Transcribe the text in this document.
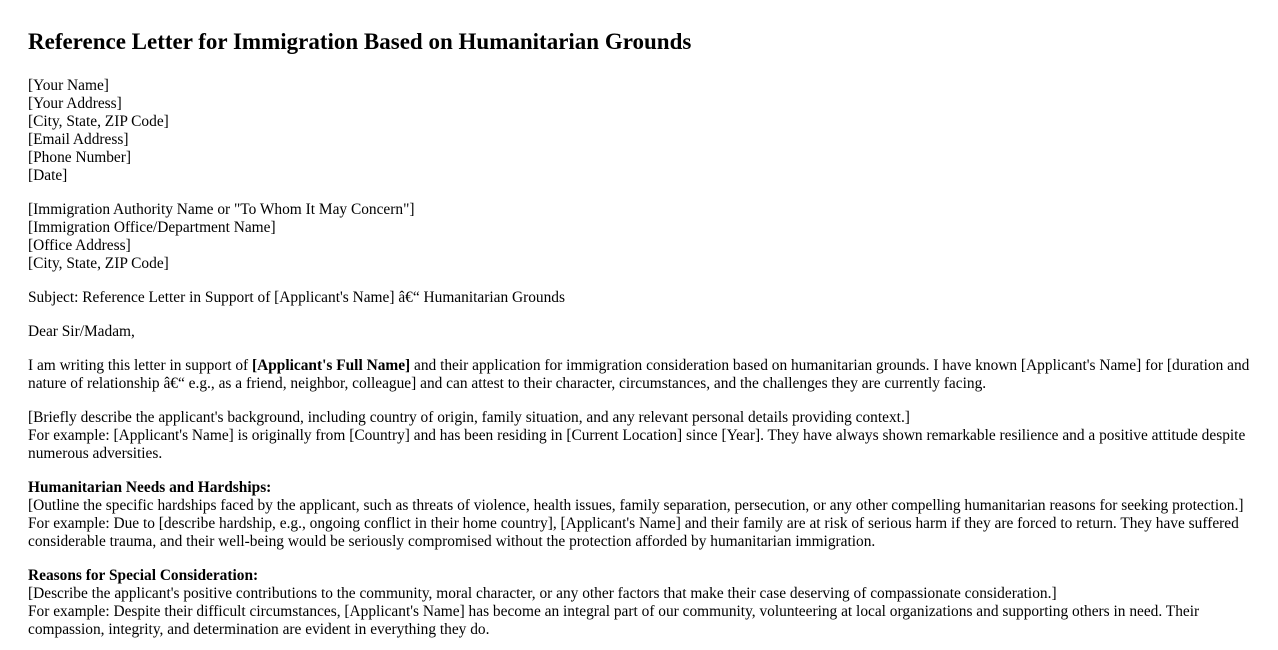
Reference Letter for Immigration Based on Humanitarian Grounds
[Your Name]
[Your Address]
[City, State, ZIP Code]
[Email Address]
[Phone Number]
[Date]
[Immigration Authority Name or "To Whom It May Concern"]
[Immigration Office/Department Name]
[Office Address]
[City, State, ZIP Code]

Subject: Reference Letter in Support of [Applicant's Name] â€“ Humanitarian Grounds

Dear Sir/Madam,

I am writing this letter in support of [Applicant's Full Name] and their application for immigration consideration based on humanitarian grounds. I have known [Applicant's Name] for [duration and nature of relationship â€“ e.g., as a friend, neighbor, colleague] and can attest to their character, circumstances, and the challenges they are currently facing.

[Briefly describe the applicant's background, including country of origin, family situation, and any relevant personal details providing context.]

For example: [Applicant's Name] is originally from [Country] and has been residing in [Current Location] since [Year]. They have always shown remarkable resilience and a positive attitude despite numerous adversities.

Humanitarian Needs and Hardships:

[Outline the specific hardships faced by the applicant, such as threats of violence, health issues, family separation, persecution, or any other compelling humanitarian reasons for seeking protection.]

For example: Due to [describe hardship, e.g., ongoing conflict in their home country], [Applicant's Name] and their family are at risk of serious harm if they are forced to return. They have suffered considerable trauma, and their well-being would be seriously compromised without the protection afforded by humanitarian immigration.

Reasons for Special Consideration:

[Describe the applicant's positive contributions to the community, moral character, or any other factors that make their case deserving of compassionate consideration.]

For example: Despite their difficult circumstances, [Applicant's Name] has become an integral part of our community, volunteering at local organizations and supporting others in need. Their compassion, integrity, and determination are evident in everything they do.
